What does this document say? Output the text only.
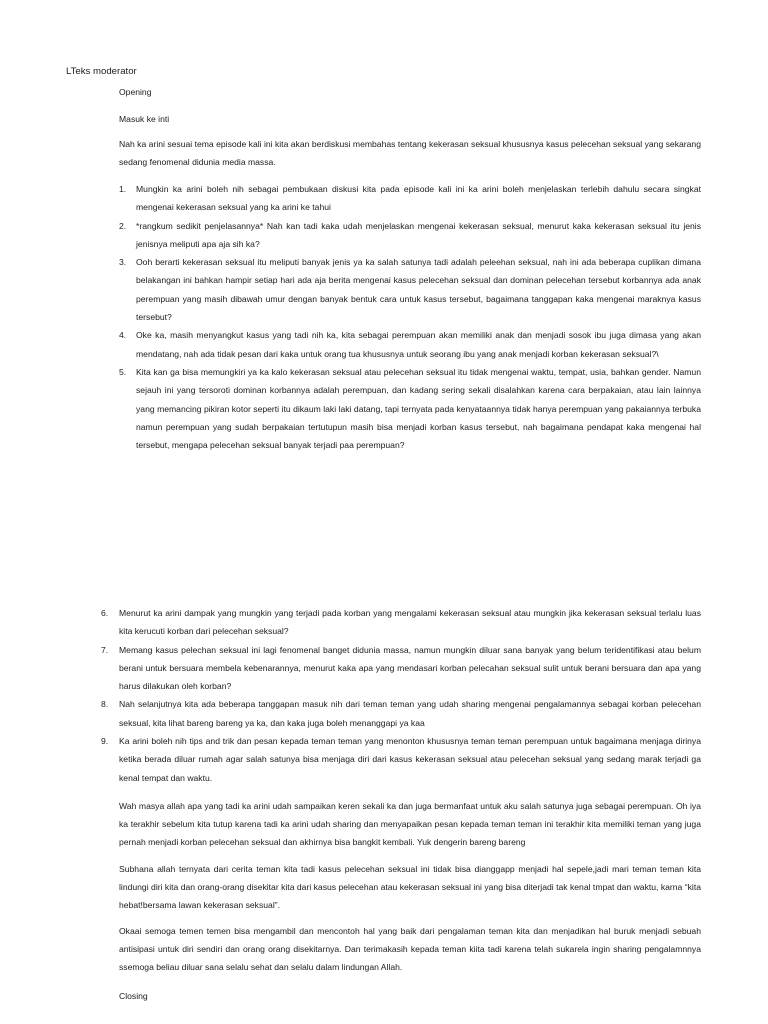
LTeks moderator
Opening
Masuk ke inti
Nah ka arini sesuai tema episode kali ini kita akan berdiskusi membahas tentang kekerasan seksual khususnya kasus pelecehan seksual yang sekarang sedang fenomenal didunia media massa.
1. Mungkin ka arini boleh nih sebagai pembukaan diskusi kita pada episode kali ini ka arini boleh menjelaskan terlebih dahulu secara singkat mengenai kekerasan seksual yang ka arini ke tahui
2. *rangkum sedikit penjelasannya* Nah kan tadi kaka udah menjelaskan mengenai kekerasan seksual, menurut kaka kekerasan seksual itu jenis jenisnya meliputi apa aja sih ka?
3. Ooh berarti kekerasan seksual itu meliputi banyak jenis ya ka salah satunya tadi adalah peleehan seksual, nah ini ada beberapa cuplikan dimana belakangan ini bahkan hampir setiap hari ada aja berita mengenai kasus pelecehan seksual dan dominan pelecehan tersebut korbannya ada anak perempuan yang masih dibawah umur dengan banyak bentuk cara untuk kasus tersebut, bagaimana tanggapan kaka mengenai maraknya kasus tersebut?
4. Oke ka, masih menyangkut kasus yang tadi nih ka, kita sebagai perempuan akan memiliki anak dan menjadi sosok ibu juga dimasa yang akan mendatang, nah ada tidak pesan dari kaka untuk orang tua khususnya untuk seorang ibu yang anak menjadi korban kekerasan seksual?\
5. Kita kan ga bisa memungkiri ya ka kalo kekerasan seksual atau pelecehan seksual itu tidak mengenai waktu, tempat, usia, bahkan gender. Namun sejauh ini yang tersoroti dominan korbannya adalah perempuan, dan kadang sering sekali disalahkan karena cara berpakaian, atau lain lainnya yang memancing pikiran kotor seperti itu dikaum laki laki datang, tapi ternyata pada kenyataannya tidak hanya perempuan yang pakaiannya terbuka namun perempuan yang sudah berpakaian tertutupun masih bisa menjadi korban kasus tersebut, nah bagaimana pendapat kaka mengenai hal tersebut, mengapa pelecehan seksual banyak terjadi paa perempuan?
6. Menurut ka arini dampak yang mungkin yang terjadi pada korban yang mengalami kekerasan seksual atau mungkin jika kekerasan seksual terlalu luas kita kerucuti korban dari pelecehan seksual?
7. Memang kasus pelechan seksual ini lagi fenomenal banget didunia massa, namun mungkin diluar sana banyak yang belum teridentifikasi atau belum berani untuk bersuara membela kebenarannya, menurut kaka apa yang mendasari korban pelecahan seksual sulit untuk berani bersuara dan apa yang harus dilakukan oleh korban?
8. Nah selanjutnya kita ada beberapa tanggapan masuk nih dari teman teman yang udah sharing mengenai pengalamannya sebagai korban pelecehan seksual, kita lihat bareng bareng ya ka, dan kaka juga boleh menanggapi ya kaa
9. Ka arini boleh nih tips and trik dan pesan kepada teman teman yang menonton khususnya teman teman perempuan untuk bagaimana menjaga dirinya ketika berada diluar rumah agar salah satunya bisa menjaga diri dari kasus kekerasan seksual atau pelecehan seksual yang sedang marak terjadi ga kenal tempat dan waktu.
Wah masya allah apa yang tadi ka arini udah sampaikan keren sekali ka dan juga bermanfaat untuk aku salah satunya juga sebagai perempuan. Oh iya ka terakhir sebelum kita tutup karena tadi ka arini udah sharing dan menyapaikan pesan kepada teman teman ini terakhir kita memiliki teman yang juga pernah menjadi korban pelecehan seksual dan akhirnya bisa bangkit kembali. Yuk dengerin bareng bareng
Subhana allah ternyata dari cerita teman kita tadi kasus pelecehan seksual ini tidak bisa dianggapp menjadi hal sepele,jadi mari teman teman kita lindungi diri kita dan orang-orang disekitar kita dari kasus pelecehan atau kekerasan seksual ini yang bisa diterjadi tak kenal tmpat dan waktu, karna “kita hebat!bersama lawan kekerasan seksual”.
Okaai semoga temen temen bisa mengambil dan mencontoh hal yang baik dari pengalaman teman kita dan menjadikan hal buruk menjadi sebuah antisipasi untuk diri sendiri dan orang orang disekitarnya. Dan terimakasih kepada teman kiita tadi karena telah sukarela ingin sharing pengalamnnya ssemoga beliau diluar sana selalu sehat dan selalu dalam lindungan Allah.
Closing
